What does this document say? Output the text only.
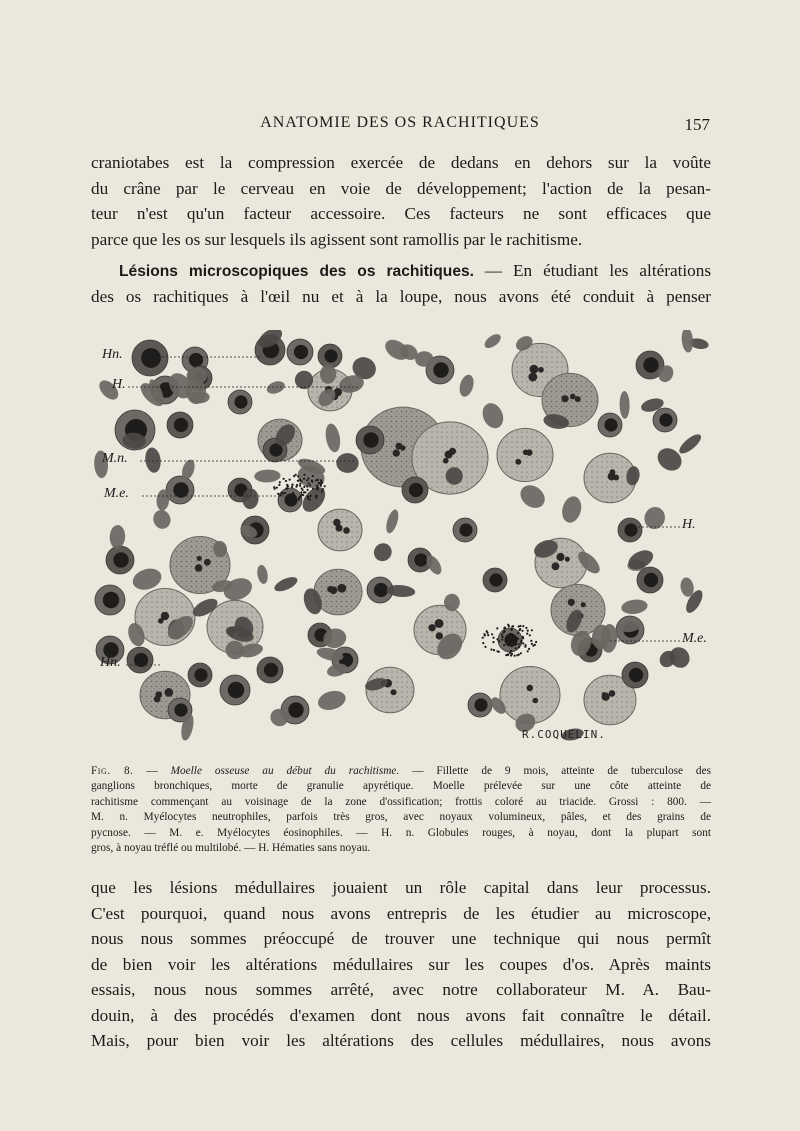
ANATOMIE DES OS RACHITIQUES	157
craniotabes est la compression exercée de dedans en dehors sur la voûte
du crâne par le cerveau en voie de développement; l'action de la pesan-
teur n'est qu'un facteur accessoire. Ces facteurs ne sont efficaces que
parce que les os sur lesquels ils agissent sont ramollis par le rachitisme.
Lésions microscopiques des os rachitiques. — En étudiant les altérations
des os rachitiques à l'œil nu et à la loupe, nous avons été conduit à penser
Hn.
H.
M.n.
M.e.
H.
M.e.
Hn.
R.COQUELIN.
Fig. 8. — Moelle osseuse au début du rachitisme. — Fillette de 9 mois, atteinte de tuberculose des
ganglions bronchiques, morte de granulie apyrétique. Moelle prélevée sur une côte atteinte de
rachitisme commençant au voisinage de la zone d'ossification; frottis coloré au triacide. Grossi : 800. —
M. n. Myélocytes neutrophiles, parfois très gros, avec noyaux volumineux, pâles, et des grains de
pycnose. — M. e. Myélocytes éosinophiles. — H. n. Globules rouges, à noyau, dont la plupart sont
gros, à noyau tréflé ou multilobé. — H. Hématies sans noyau.
que les lésions médullaires jouaient un rôle capital dans leur processus.
C'est pourquoi, quand nous avons entrepris de les étudier au microscope,
nous nous sommes préoccupé de trouver une technique qui nous permît
de bien voir les altérations médullaires sur les coupes d'os. Après maints
essais, nous nous sommes arrêté, avec notre collaborateur M. A. Bau-
douin, à des procédés d'examen dont nous avons fait connaître le détail.
Mais, pour bien voir les altérations des cellules médullaires, nous avons
